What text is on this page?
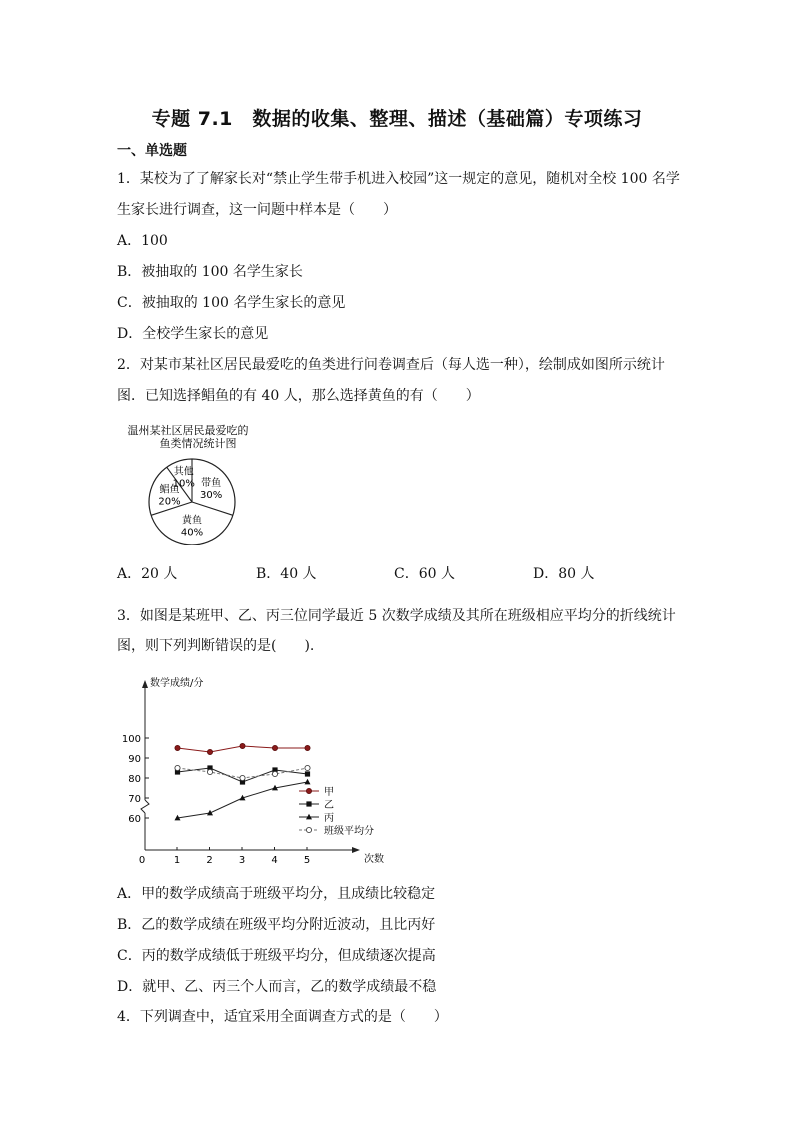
专题 7.1　数据的收集、整理、描述（基础篇）专项练习
一、单选题
1．某校为了了解家长对“禁止学生带手机进入校园”这一规定的意见，随机对全校 100 名学
生家长进行调查，这一问题中样本是（　　）
A．100
B．被抽取的 100 名学生家长
C．被抽取的 100 名学生家长的意见
D．全校学生家长的意见
2．对某市某社区居民最爱吃的鱼类进行问卷调查后（每人选一种），绘制成如图所示统计
图．已知选择鲳鱼的有 40 人，那么选择黄鱼的有（　　）
温州某社区居民最爱吃的
鱼类情况统计图
带鱼
30%
黄鱼
40%
鲳鱼
20%
其他
10%
A．20 人	B．40 人	C．60 人	D．80 人
3．如图是某班甲、乙、丙三位同学最近 5 次数学成绩及其所在班级相应平均分的折线统计
图，则下列判断错误的是(　　).
数学成绩/分
次数
60
70
80
90
100
0	1	2	3	4	5
甲
乙
丙
班级平均分
A．甲的数学成绩高于班级平均分，且成绩比较稳定
B．乙的数学成绩在班级平均分附近波动，且比丙好
C．丙的数学成绩低于班级平均分，但成绩逐次提高
D．就甲、乙、丙三个人而言，乙的数学成绩最不稳
4．下列调查中，适宜采用全面调查方式的是（　　）
